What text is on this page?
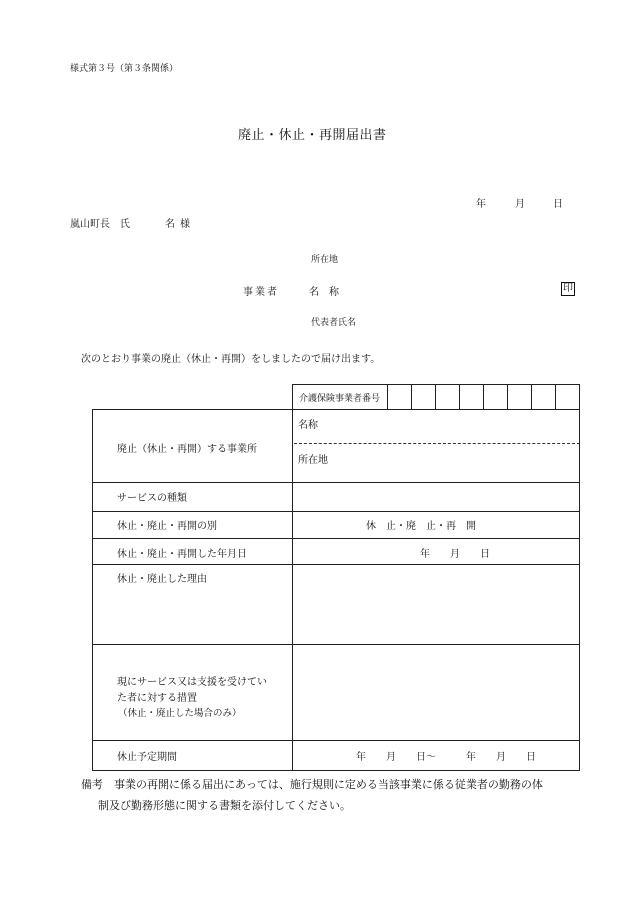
様式第３号（第３条関係）
廃止・休止・再開届出書
年	月	日
嵐山町長 氏	名 様
所在地
事業者	名　称	印
代表者氏名
次のとおり事業の廃止（休止・再開）をしましたので届け出ます。
介護保険事業者番号
廃止（休止・再開）する事業所
名称
所在地
サービスの種類
休止・廃止・再開の別	休　止・廃　止・再　開
休止・廃止・再開した年月日	年　　月　　日
休止・廃止した理由
現にサービス又は支援を受けてい
た者に対する措置
（休止・廃止した場合のみ）
休止予定期間	年　　月　　日～　　　年　　月　　日
備考 事業の再開に係る届出にあっては、施行規則に定める当該事業に係る従業者の勤務の体
制及び勤務形態に関する書類を添付してください。
